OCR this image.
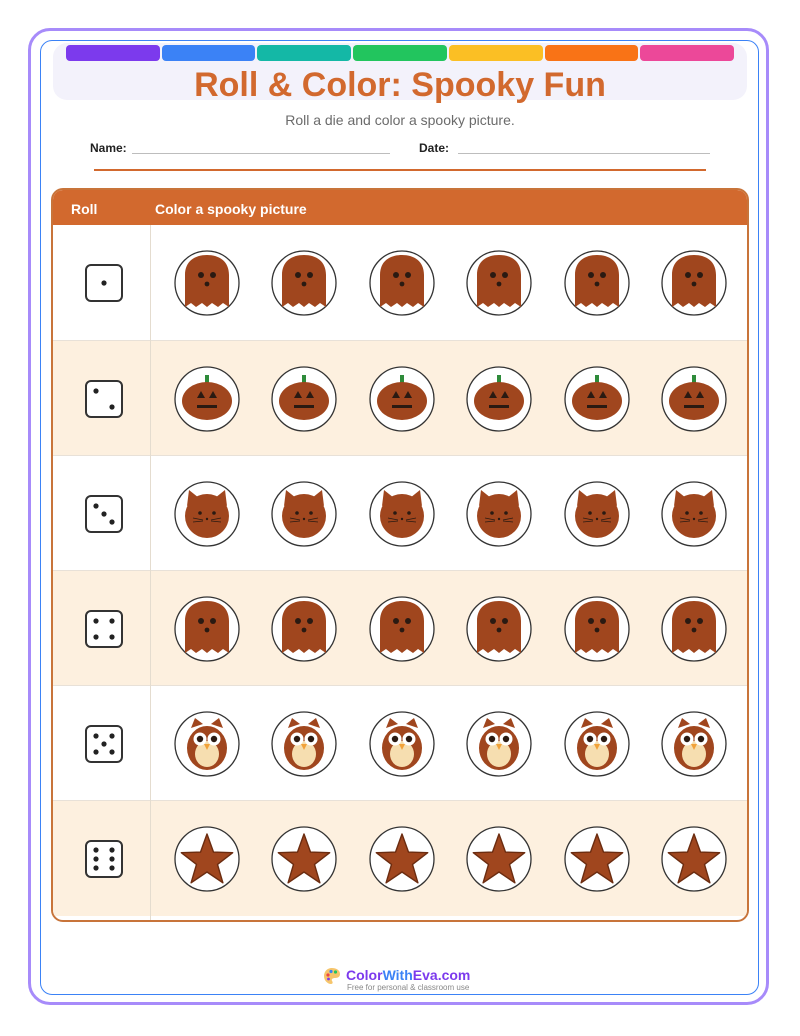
Roll & Color: Spooky Fun
Roll a die and color a spooky picture.
Name:	Date:
Roll	Color a spooky picture
ColorWithEva.com
Free for personal & classroom use
